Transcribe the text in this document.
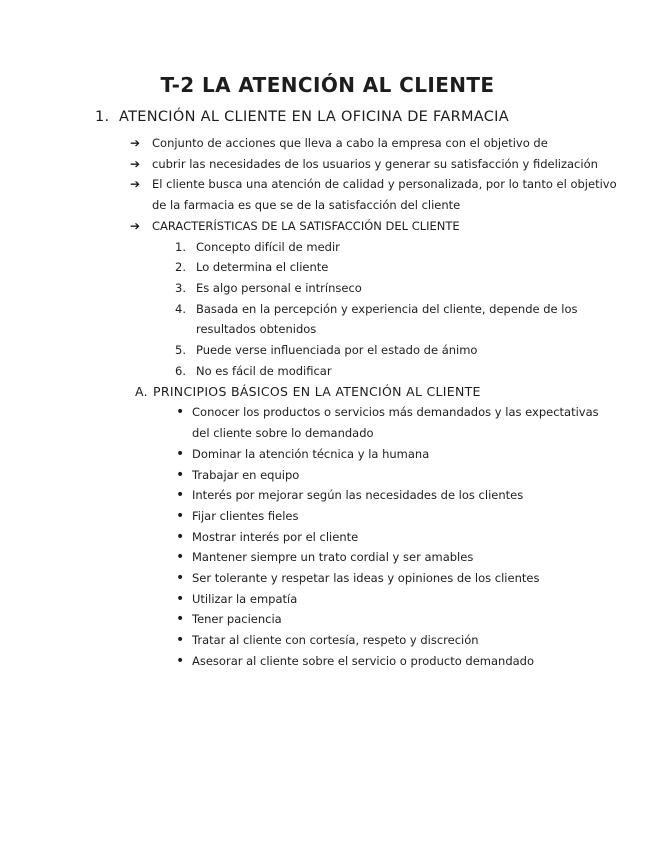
T-2 LA ATENCIÓN AL CLIENTE
1. ATENCIÓN AL CLIENTE EN LA OFICINA DE FARMACIA
➔	Conjunto de acciones que lleva a cabo la empresa con el objetivo de
➔	cubrir las necesidades de los usuarios y generar su satisfacción y fidelización
➔	El cliente busca una atención de calidad y personalizada, por lo tanto el objetivo de la farmacia es que se de la satisfacción del cliente
➔	CARACTERÍSTICAS DE LA SATISFACCIÓN DEL CLIENTE
1. Concepto difícil de medir
2. Lo determina el cliente
3. Es algo personal e intrínseco
4. Basada en la percepción y experiencia del cliente, depende de los resultados obtenidos
5. Puede verse influenciada por el estado de ánimo
6. No es fácil de modificar
A. PRINCIPIOS BÁSICOS EN LA ATENCIÓN AL CLIENTE
• Conocer los productos o servicios más demandados y las expectativas del cliente sobre lo demandado
• Dominar la atención técnica y la humana
• Trabajar en equipo
• Interés por mejorar según las necesidades de los clientes
• Fijar clientes fieles
• Mostrar interés por el cliente
• Mantener siempre un trato cordial y ser amables
• Ser tolerante y respetar las ideas y opiniones de los clientes
• Utilizar la empatía
• Tener paciencia
• Tratar al cliente con cortesía, respeto y discreción
• Asesorar al cliente sobre el servicio o producto demandado
